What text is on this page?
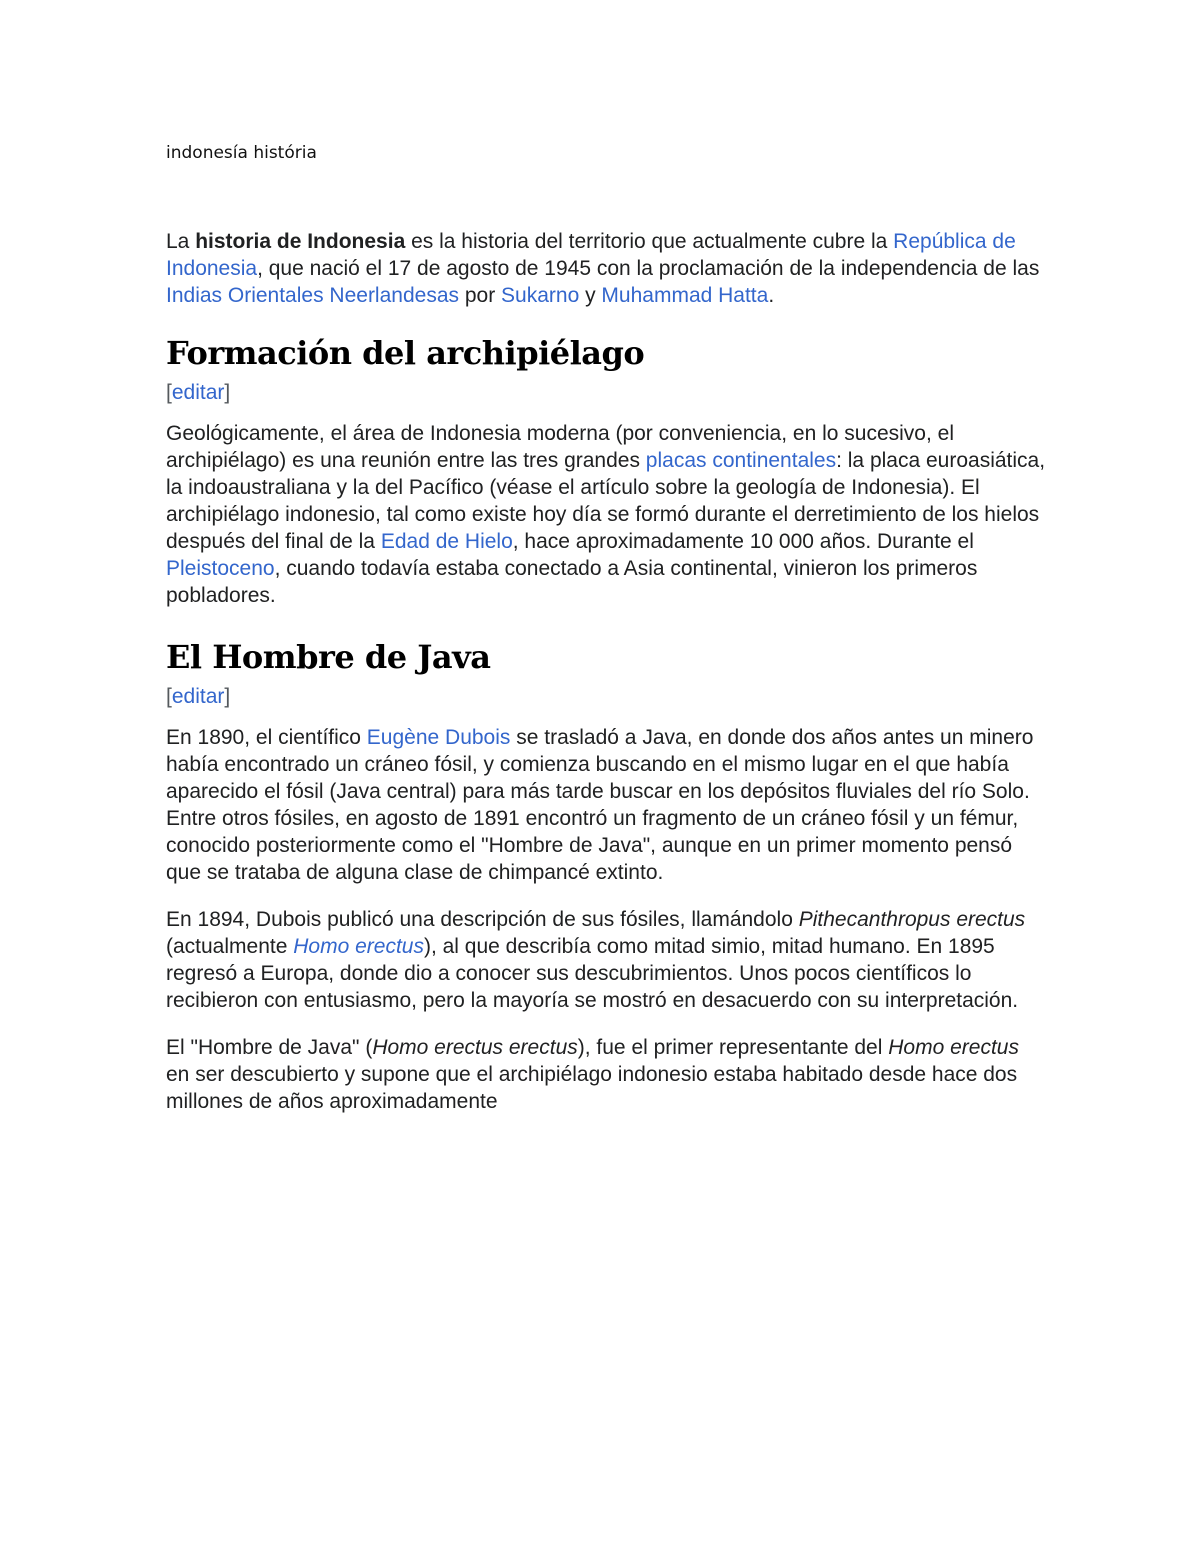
indonesía história

La historia de Indonesia es la historia del territorio que actualmente cubre la República de Indonesia, que nació el 17 de agosto de 1945 con la proclamación de la independencia de las Indias Orientales Neerlandesas por Sukarno y Muhammad Hatta.

Formación del archipiélago
[editar]

Geológicamente, el área de Indonesia moderna (por conveniencia, en lo sucesivo, el archipiélago) es una reunión entre las tres grandes placas continentales: la placa euroasiática, la indoaustraliana y la del Pacífico (véase el artículo sobre la geología de Indonesia). El archipiélago indonesio, tal como existe hoy día se formó durante el derretimiento de los hielos después del final de la Edad de Hielo, hace aproximadamente 10 000 años. Durante el Pleistoceno, cuando todavía estaba conectado a Asia continental, vinieron los primeros pobladores.

El Hombre de Java
[editar]

En 1890, el científico Eugène Dubois se trasladó a Java, en donde dos años antes un minero había encontrado un cráneo fósil, y comienza buscando en el mismo lugar en el que había aparecido el fósil (Java central) para más tarde buscar en los depósitos fluviales del río Solo. Entre otros fósiles, en agosto de 1891 encontró un fragmento de un cráneo fósil y un fémur, conocido posteriormente como el "Hombre de Java", aunque en un primer momento pensó que se trataba de alguna clase de chimpancé extinto.

En 1894, Dubois publicó una descripción de sus fósiles, llamándolo Pithecanthropus erectus (actualmente Homo erectus), al que describía como mitad simio, mitad humano. En 1895 regresó a Europa, donde dio a conocer sus descubrimientos. Unos pocos científicos lo recibieron con entusiasmo, pero la mayoría se mostró en desacuerdo con su interpretación.

El "Hombre de Java" (Homo erectus erectus), fue el primer representante del Homo erectus en ser descubierto y supone que el archipiélago indonesio estaba habitado desde hace dos millones de años aproximadamente
